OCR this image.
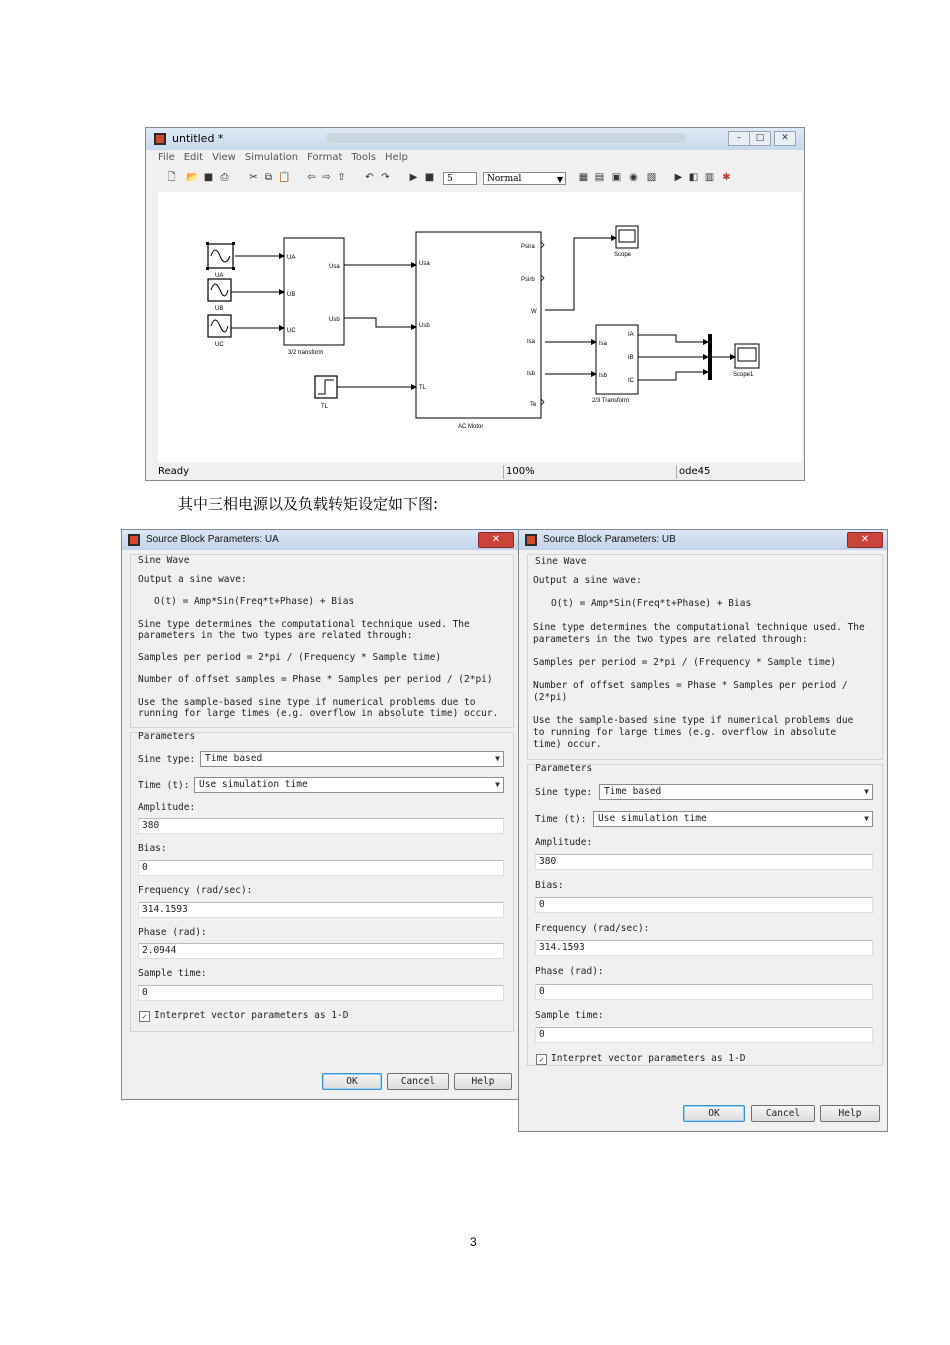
untitled *	–	□	✕
File Edit View Simulation Format Tools Help
🗋 📂 ■ ⎙ ✂ ⧉ 📋 ⇦ ⇨ ⇧ ↶ ↷ ▶ ■	5	Normal	▼ ▦ ▤ ▣ ◉ ▧ ▶ ◧ ▥ ✱
UA
UB
UC
TL
UA
UB
UC
Usa
Usb
3/2 transform
Usa
Usb
TL
Psira
Psirb
W
Isa
Isb
Te
AC Motor
Scope
Isa
Isb
IA
IB
IC
2/3 Transform
Scope1
Ready	100%	ode45
其中三相电源以及负载转矩设定如下图:
Source Block Parameters: UA	✕
Sine Wave
Output a sine wave:
O(t) = Amp*Sin(Freq*t+Phase) + Bias
Sine type determines the computational technique used. The
parameters in the two types are related through:
Samples per period = 2*pi / (Frequency * Sample time)
Number of offset samples = Phase * Samples per period / (2*pi)
Use the sample-based sine type if numerical problems due to
running for large times (e.g. overflow in absolute time) occur.
Parameters
Sine type:	Time based	▼
Time (t):	Use simulation time	▼
Amplitude:
380
Bias:
0
Frequency (rad/sec):
314.1593
Phase (rad):
2.0944
Sample time:
0
✓ Interpret vector parameters as 1-D
OK	Cancel	Help
Source Block Parameters: UB	✕
Sine Wave
Output a sine wave:
O(t) = Amp*Sin(Freq*t+Phase) + Bias
Sine type determines the computational technique used. The
parameters in the two types are related through:
Samples per period = 2*pi / (Frequency * Sample time)
Number of offset samples = Phase * Samples per period /
(2*pi)
Use the sample-based sine type if numerical problems due
to running for large times (e.g. overflow in absolute
time) occur.
Parameters
Sine type:	Time based	▼
Time (t):	Use simulation time	▼
Amplitude:
380
Bias:
0
Frequency (rad/sec):
314.1593
Phase (rad):
0
Sample time:
0
✓ Interpret vector parameters as 1-D
OK	Cancel	Help
3
